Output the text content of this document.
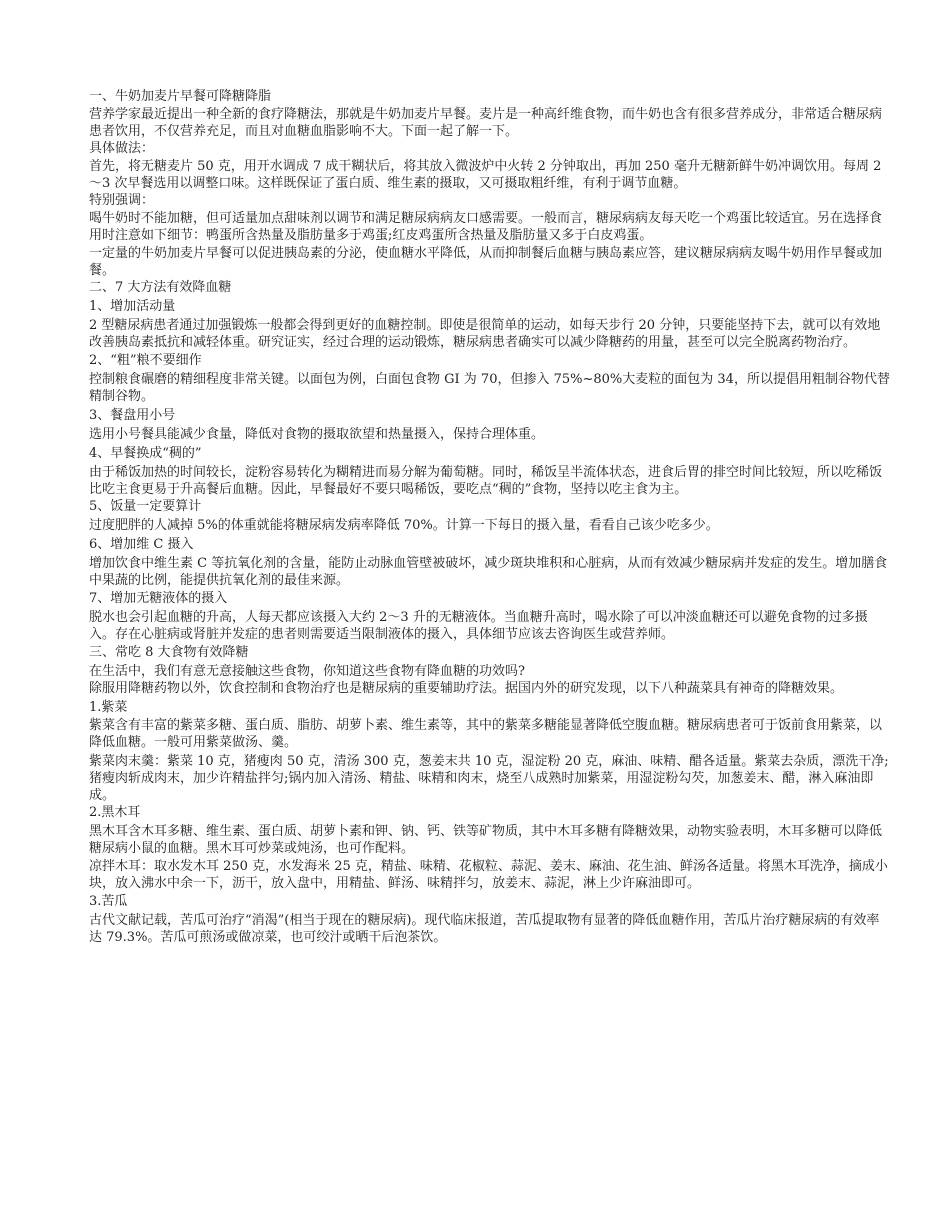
一、牛奶加麦片早餐可降糖降脂

营养学家最近提出一种全新的食疗降糖法，那就是牛奶加麦片早餐。麦片是一种高纤维食物，而牛奶也含有很多营养成分，非常适合糖尿病患者饮用，不仅营养充足，而且对血糖血脂影响不大。下面一起了解一下。

具体做法：

首先，将无糖麦片 50 克，用开水调成 7 成干糊状后，将其放入微波炉中火转 2 分钟取出，再加 250 毫升无糖新鲜牛奶冲调饮用。每周 2～3 次早餐选用以调整口味。这样既保证了蛋白质、维生素的摄取，又可摄取粗纤维，有利于调节血糖。

特别强调：

喝牛奶时不能加糖，但可适量加点甜味剂以调节和满足糖尿病病友口感需要。一般而言，糖尿病病友每天吃一个鸡蛋比较适宜。另在选择食用时注意如下细节：鸭蛋所含热量及脂肪量多于鸡蛋;红皮鸡蛋所含热量及脂肪量又多于白皮鸡蛋。

一定量的牛奶加麦片早餐可以促进胰岛素的分泌，使血糖水平降低，从而抑制餐后血糖与胰岛素应答，建议糖尿病病友喝牛奶用作早餐或加餐。

二、7 大方法有效降血糖

1、增加活动量

2 型糖尿病患者通过加强锻炼一般都会得到更好的血糖控制。即使是很简单的运动，如每天步行 20 分钟，只要能坚持下去，就可以有效地改善胰岛素抵抗和减轻体重。研究证实，经过合理的运动锻炼，糖尿病患者确实可以减少降糖药的用量，甚至可以完全脱离药物治疗。

2、“粗”粮不要细作

控制粮食碾磨的精细程度非常关键。以面包为例，白面包食物 GI 为 70，但掺入 75%~80%大麦粒的面包为 34，所以提倡用粗制谷物代替精制谷物。

3、餐盘用小号

选用小号餐具能减少食量，降低对食物的摄取欲望和热量摄入，保持合理体重。

4、早餐换成“稠的”

由于稀饭加热的时间较长，淀粉容易转化为糊精进而易分解为葡萄糖。同时，稀饭呈半流体状态，进食后胃的排空时间比较短，所以吃稀饭比吃主食更易于升高餐后血糖。因此，早餐最好不要只喝稀饭，要吃点“稠的”食物，坚持以吃主食为主。

5、饭量一定要算计

过度肥胖的人减掉 5%的体重就能将糖尿病发病率降低 70%。计算一下每日的摄入量，看看自己该少吃多少。

6、增加维 C 摄入

增加饮食中维生素 C 等抗氧化剂的含量，能防止动脉血管壁被破坏，减少斑块堆积和心脏病，从而有效减少糖尿病并发症的发生。增加膳食中果蔬的比例，能提供抗氧化剂的最佳来源。

7、增加无糖液体的摄入

脱水也会引起血糖的升高，人每天都应该摄入大约 2～3 升的无糖液体。当血糖升高时，喝水除了可以冲淡血糖还可以避免食物的过多摄入。存在心脏病或肾脏并发症的患者则需要适当限制液体的摄入，具体细节应该去咨询医生或营养师。

三、常吃 8 大食物有效降糖

在生活中，我们有意无意接触这些食物，你知道这些食物有降血糖的功效吗?

除服用降糖药物以外，饮食控制和食物治疗也是糖尿病的重要辅助疗法。据国内外的研究发现，以下八种蔬菜具有神奇的降糖效果。

1.紫菜

紫菜含有丰富的紫菜多糖、蛋白质、脂肪、胡萝卜素、维生素等，其中的紫菜多糖能显著降低空腹血糖。糖尿病患者可于饭前食用紫菜，以降低血糖。一般可用紫菜做汤、羹。

紫菜肉末羹：紫菜 10 克，猪瘦肉 50 克，清汤 300 克，葱姜末共 10 克，湿淀粉 20 克，麻油、味精、醋各适量。紫菜去杂质，漂洗干净;猪瘦肉斩成肉末，加少许精盐拌匀;锅内加入清汤、精盐、味精和肉末，烧至八成熟时加紫菜，用湿淀粉勾芡，加葱姜末、醋，淋入麻油即成。

2.黑木耳

黑木耳含木耳多糖、维生素、蛋白质、胡萝卜素和钾、钠、钙、铁等矿物质，其中木耳多糖有降糖效果，动物实验表明，木耳多糖可以降低糖尿病小鼠的血糖。黑木耳可炒菜或炖汤，也可作配料。

凉拌木耳：取水发木耳 250 克，水发海米 25 克，精盐、味精、花椒粒、蒜泥、姜末、麻油、花生油、鲜汤各适量。将黑木耳洗净，摘成小块，放入沸水中余一下，沥干，放入盘中，用精盐、鲜汤、味精拌匀，放姜末、蒜泥，淋上少许麻油即可。

3.苦瓜

古代文献记载，苦瓜可治疗“消渴”(相当于现在的糖尿病)。现代临床报道，苦瓜提取物有显著的降低血糖作用，苦瓜片治疗糖尿病的有效率达 79.3%。苦瓜可煎汤或做凉菜，也可绞汁或晒干后泡茶饮。
